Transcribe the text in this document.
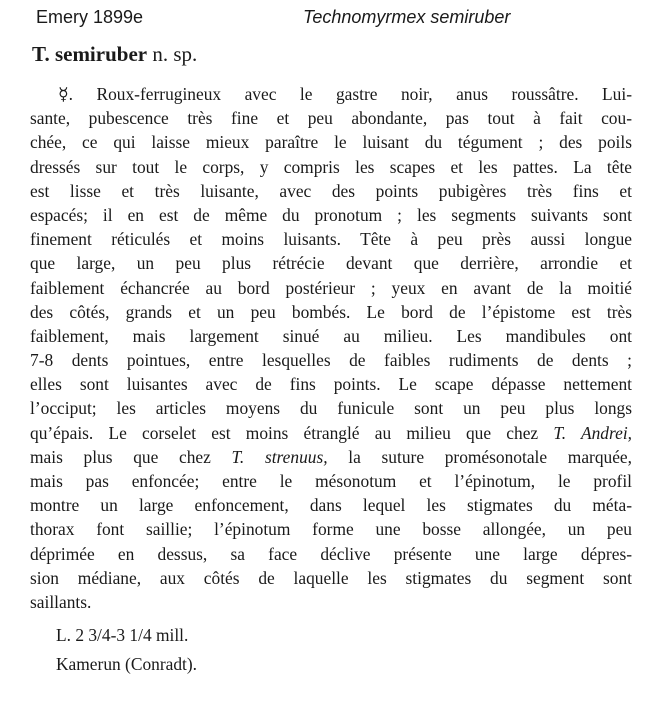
Emery 1899e	Technomyrmex semiruber
T. semiruber n. sp.
☿. Roux-ferrugineux avec le gastre noir, anus roussâtre. Lui-
sante, pubescence très fine et peu abondante, pas tout à fait cou-
chée, ce qui laisse mieux paraître le luisant du tégument ; des poils
dressés sur tout le corps, y compris les scapes et les pattes. La tête
est lisse et très luisante, avec des points pubigères très fins et
espacés; il en est de même du pronotum ; les segments suivants sont
finement réticulés et moins luisants. Tête à peu près aussi longue
que large, un peu plus rétrécie devant que derrière, arrondie et
faiblement échancrée au bord postérieur ; yeux en avant de la moitié
des côtés, grands et un peu bombés. Le bord de l’épistome est très
faiblement, mais largement sinué au milieu. Les mandibules ont
7-8 dents pointues, entre lesquelles de faibles rudiments de dents ;
elles sont luisantes avec de fins points. Le scape dépasse nettement
l’occiput; les articles moyens du funicule sont un peu plus longs
qu’épais. Le corselet est moins étranglé au milieu que chez T. Andrei,
mais plus que chez T. strenuus, la suture promésonotale marquée,
mais pas enfoncée; entre le mésonotum et l’épinotum, le profil
montre un large enfoncement, dans lequel les stigmates du méta-
thorax font saillie; l’épinotum forme une bosse allongée, un peu
déprimée en dessus, sa face déclive présente une large dépres-
sion médiane, aux côtés de laquelle les stigmates du segment sont
saillants.
L. 2 3/4-3 1/4 mill.
Kamerun (Conradt).
